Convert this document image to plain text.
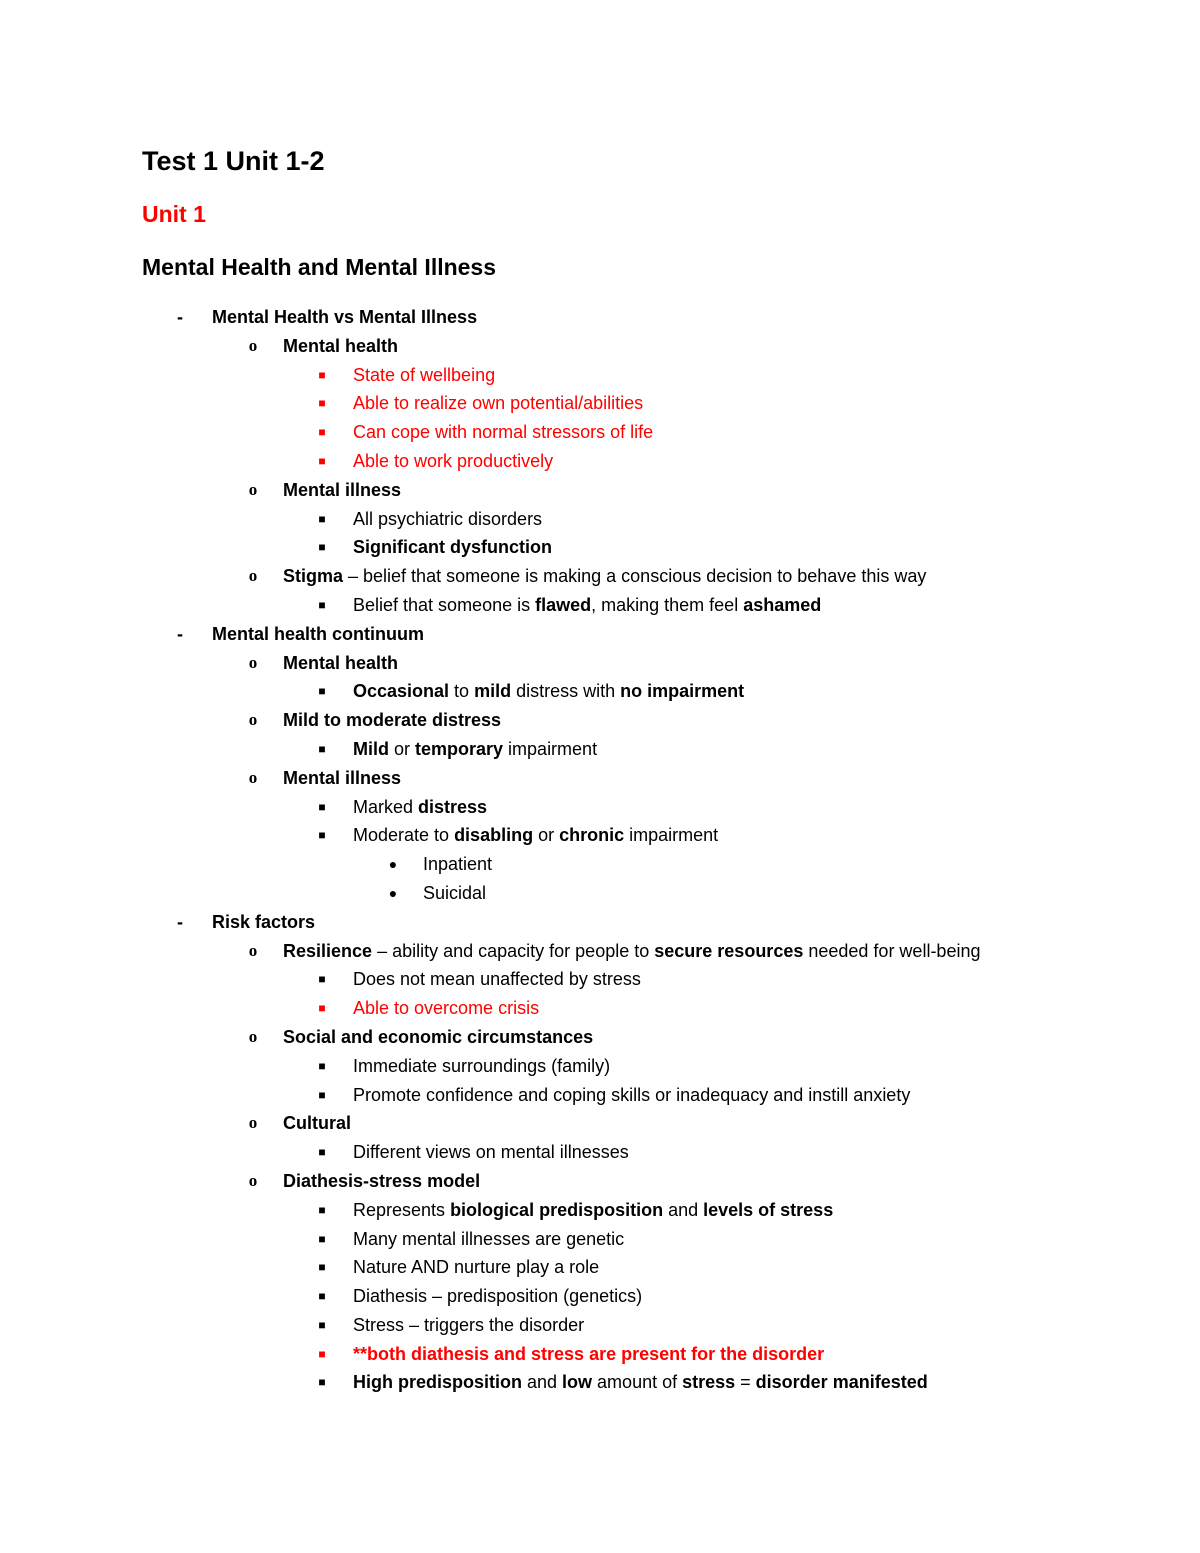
Test 1 Unit 1-2
Unit 1
Mental Health and Mental Illness
-	Mental Health vs Mental Illness
o	Mental health
■	State of wellbeing
■	Able to realize own potential/abilities
■	Can cope with normal stressors of life
■	Able to work productively
o	Mental illness
■	All psychiatric disorders
■	Significant dysfunction
o	Stigma – belief that someone is making a conscious decision to behave this way
■	Belief that someone is flawed, making them feel ashamed
-	Mental health continuum
o	Mental health
■	Occasional to mild distress with no impairment
o	Mild to moderate distress
■	Mild or temporary impairment
o	Mental illness
■	Marked distress
■	Moderate to disabling or chronic impairment
●	Inpatient
●	Suicidal
-	Risk factors
o	Resilience – ability and capacity for people to secure resources needed for well-being
■	Does not mean unaffected by stress
■	Able to overcome crisis
o	Social and economic circumstances
■	Immediate surroundings (family)
■	Promote confidence and coping skills or inadequacy and instill anxiety
o	Cultural
■	Different views on mental illnesses
o	Diathesis-stress model
■	Represents biological predisposition and levels of stress
■	Many mental illnesses are genetic
■	Nature AND nurture play a role
■	Diathesis – predisposition (genetics)
■	Stress – triggers the disorder
■	**both diathesis and stress are present for the disorder
■	High predisposition and low amount of stress = disorder manifested
